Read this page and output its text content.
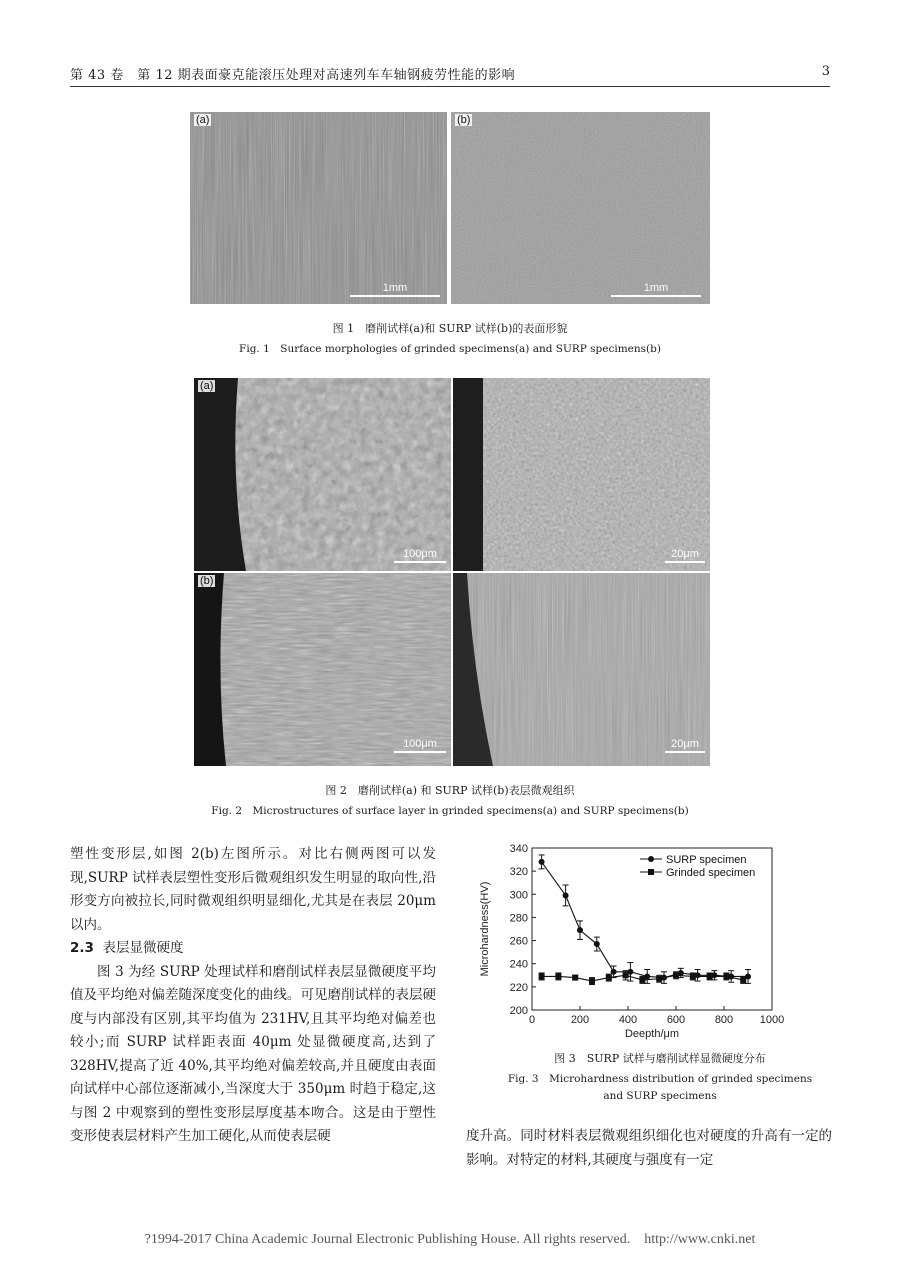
第 43 卷　第 12 期表面豪克能滚压处理对高速列车车轴钢疲劳性能的影响	3
(a)
1mm
(b)
1mm
图 1　磨削试样(a)和 SURP 试样(b)的表面形貌
Fig. 1　Surface morphologies of grinded specimens(a) and SURP specimens(b)
(a)
100μm	20μm
(b)
100μm	20μm
图 2　磨削试样(a) 和 SURP 试样(b)表层微观组织
Fig. 2　Microstructures of surface layer in grinded specimens(a) and SURP specimens(b)

塑性变形层,如图 2(b)左图所示。对比右侧两图可以发现,SURP 试样表层塑性变形后微观组织发生明显的取向性,沿形变方向被拉长,同时微观组织明显细化,尤其是在表层 20μm 以内。

2.3 表层显微硬度

图 3 为经 SURP 处理试样和磨削试样表层显微硬度平均值及平均绝对偏差随深度变化的曲线。可见磨削试样的表层硬度与内部没有区别,其平均值为 231HV,且其平均绝对偏差也较小;而 SURP 试样距表面 40μm 处显微硬度高,达到了 328HV,提高了近 40%,其平均绝对偏差较高,并且硬度由表面向试样中心部位逐渐减小,当深度大于 350μm 时趋于稳定,这与图 2 中观察到的塑性变形层厚度基本吻合。这是由于塑性变形使表层材料产生加工硬化,从而使表层硬

0	200	400	600	800 1000
200
220
240
260
280
300
320
340
Deepth/μm
Microhardness(HV)
SURP specimen
Grinded specimen
图 3　SURP 试样与磨削试样显微硬度分布
Fig. 3　Microhardness distribution of grinded specimens
and SURP specimens

度升高。同时材料表层微观组织细化也对硬度的升高有一定的影响。对特定的材料,其硬度与强度有一定

?1994-2017 China Academic Journal Electronic Publishing House. All rights reserved.　http://www.cnki.net
